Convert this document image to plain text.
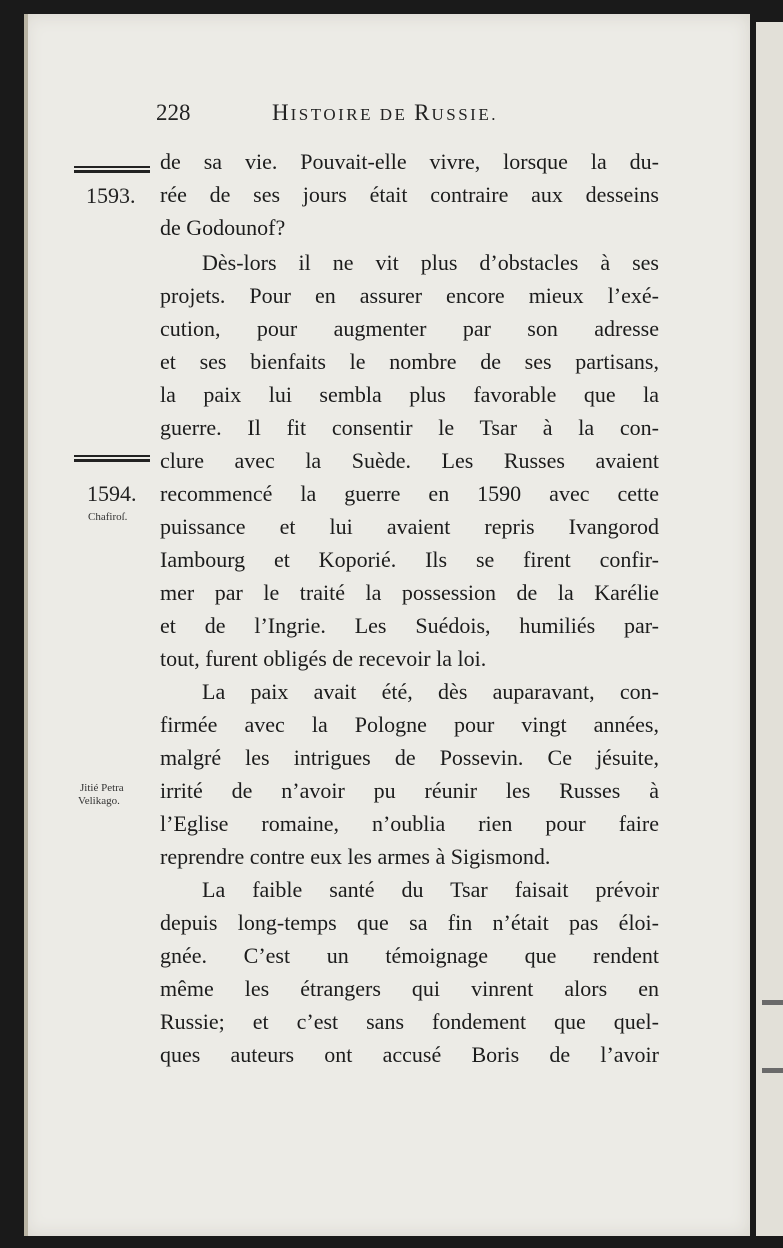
228	HISTOIRE DE RUSSIE.
1593.
1594.
Chafiroſ.
Jitié Petra
Velikago.
de sa vie. Pouvait-elle vivre, lorsque la du-
rée de ses jours était contraire aux desseins
de Godounof?
Dès-lors il ne vit plus d’obstacles à ses
projets. Pour en assurer encore mieux l’exé-
cution, pour augmenter par son adresse
et ses bienfaits le nombre de ses partisans,
la paix lui sembla plus favorable que la
guerre. Il fit consentir le Tsar à la con-
clure avec la Suède. Les Russes avaient
recommencé la guerre en 1590 avec cette
puissance et lui avaient repris Ivangorod
Iambourg et Koporié. Ils se firent confir-
mer par le traité la possession de la Karélie
et de l’Ingrie. Les Suédois, humiliés par-
tout, furent obligés de recevoir la loi.
La paix avait été, dès auparavant, con-
firmée avec la Pologne pour vingt années,
malgré les intrigues de Possevin. Ce jésuite,
irrité de n’avoir pu réunir les Russes à
l’Eglise romaine, n’oublia rien pour faire
reprendre contre eux les armes à Sigismond.
La faible santé du Tsar faisait prévoir
depuis long-temps que sa fin n’était pas éloi-
gnée. C’est un témoignage que rendent
même les étrangers qui vinrent alors en
Russie; et c’est sans fondement que quel-
ques auteurs ont accusé Boris de l’avoir
